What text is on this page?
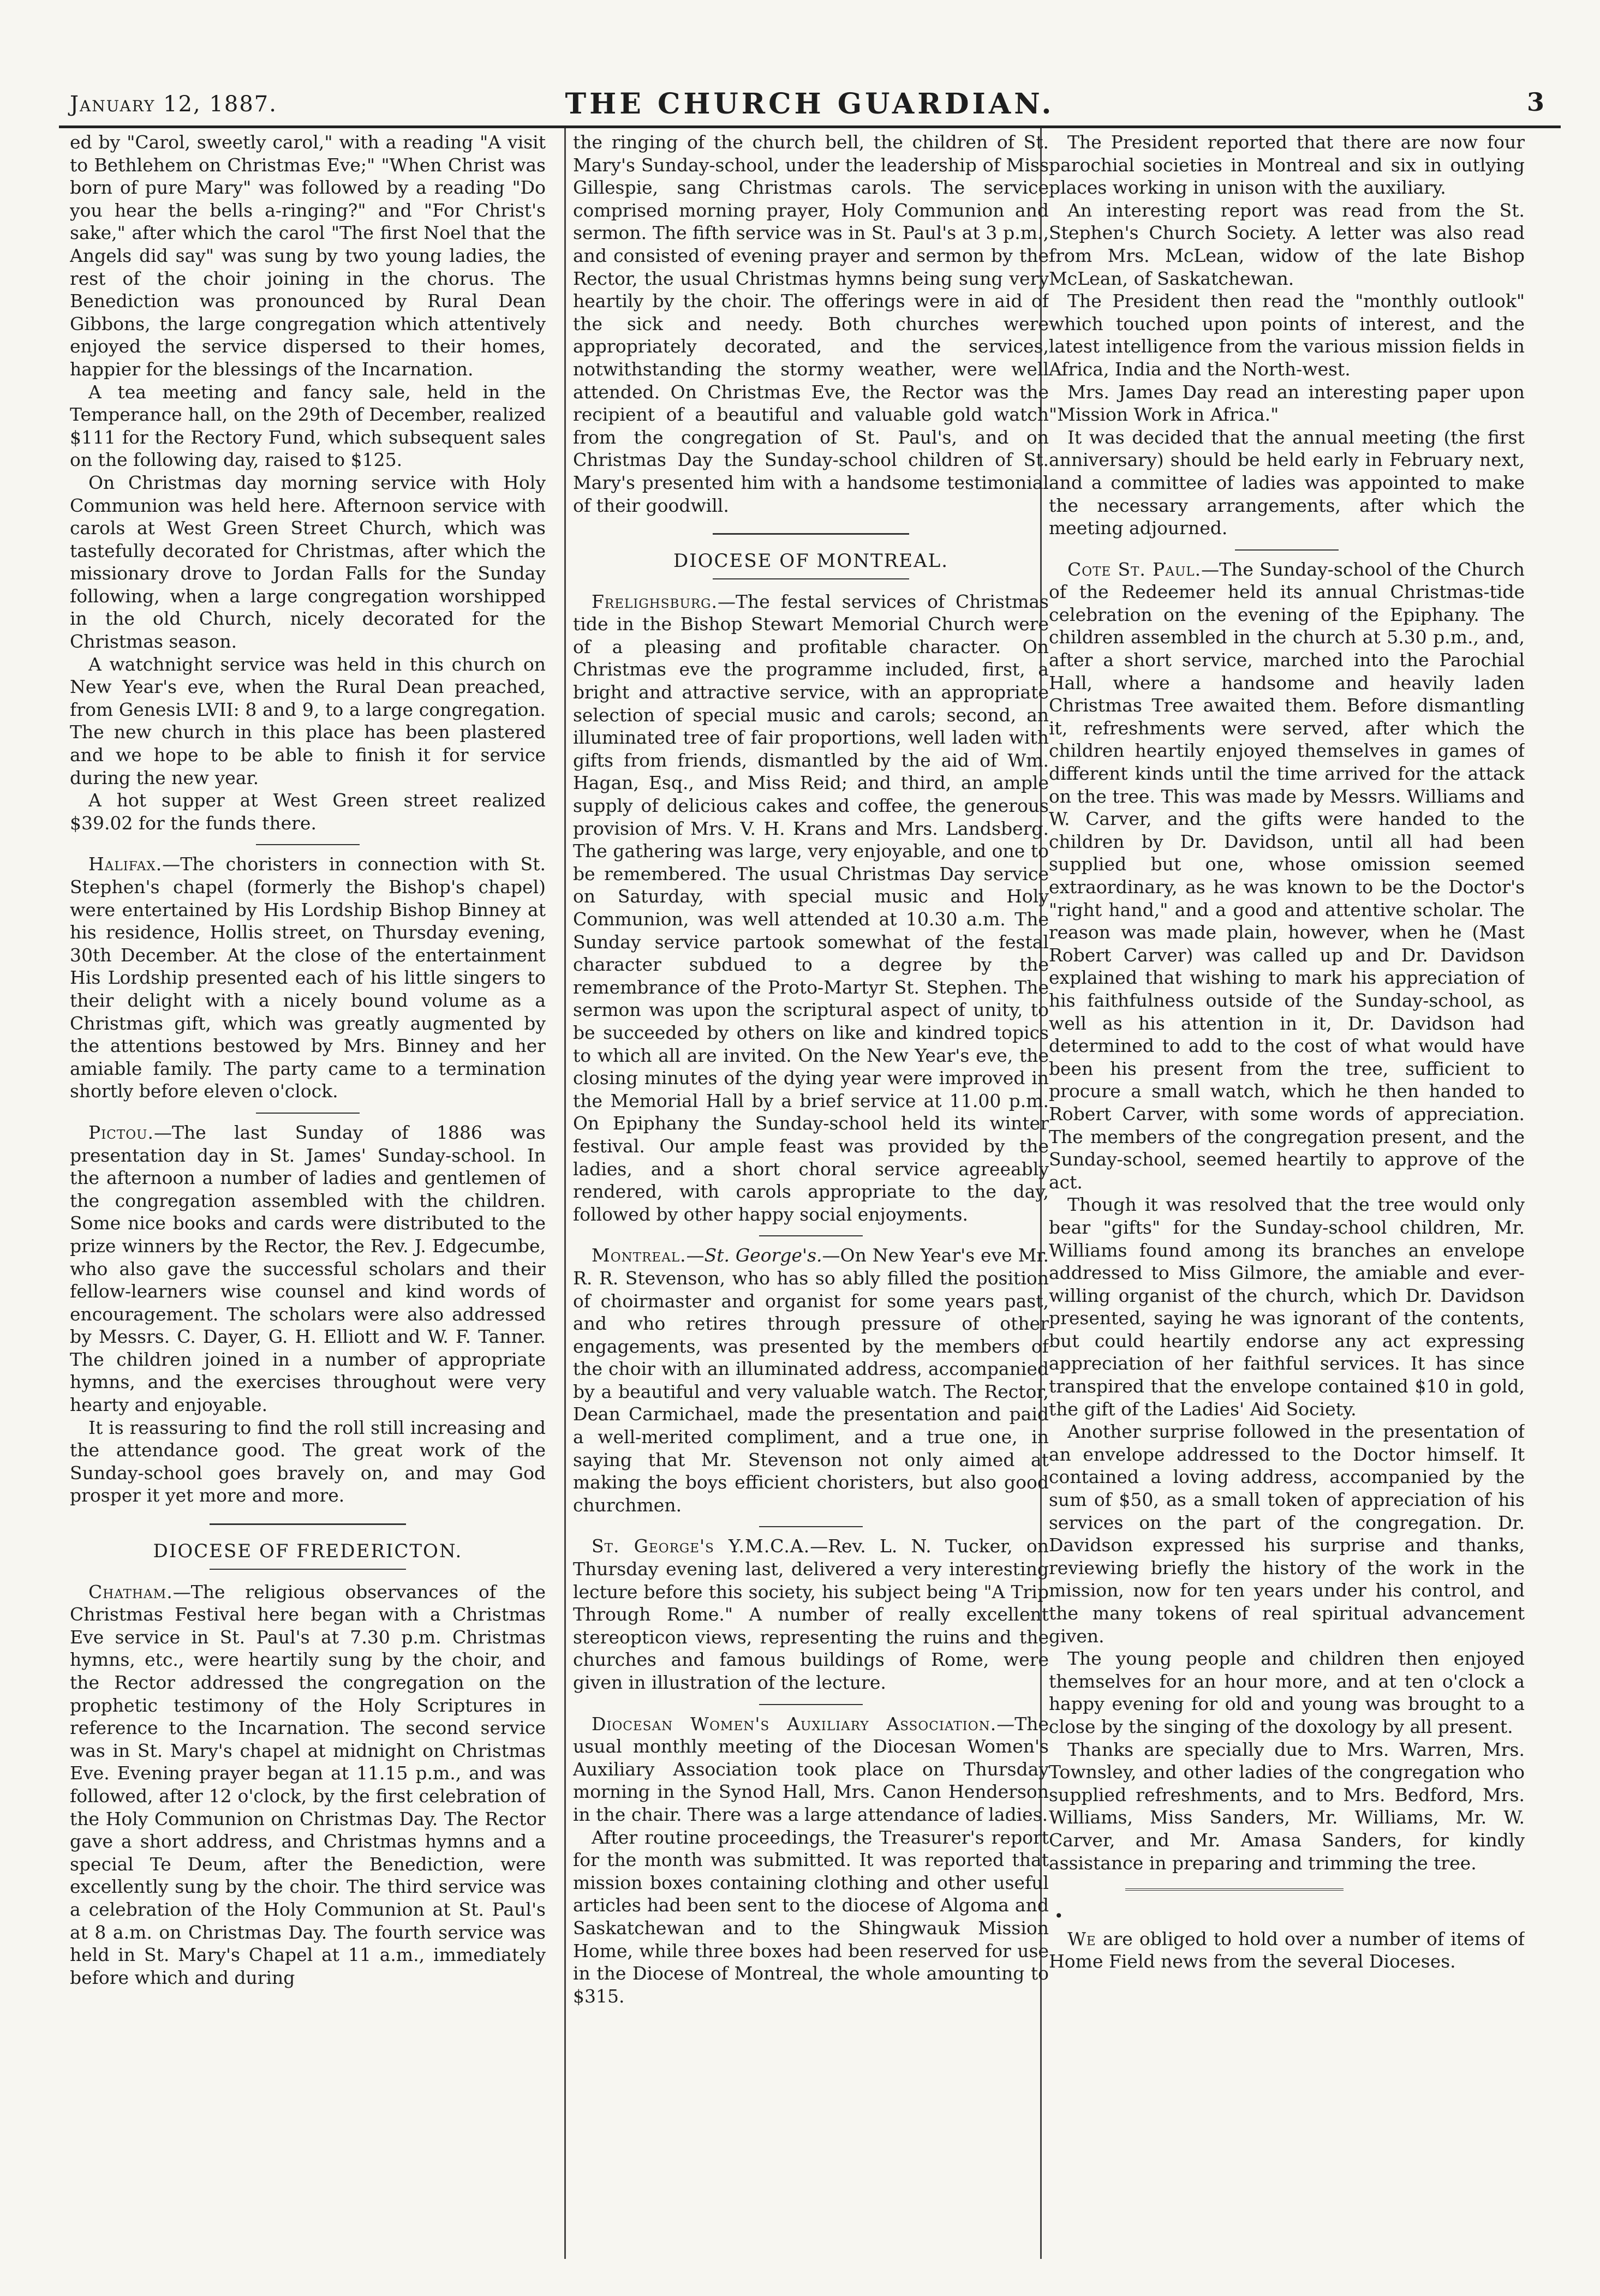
January 12, 1887.	THE CHURCH GUARDIAN.	3

ed by "Carol, sweetly carol," with a reading "A visit to Bethlehem on Christmas Eve;" "When Christ was born of pure Mary" was followed by a reading "Do you hear the bells a-ringing?" and "For Christ's sake," after which the carol "The first Noel that the Angels did say" was sung by two young ladies, the rest of the choir joining in the chorus. The Benediction was pronounced by Rural Dean Gibbons, the large congregation which attentively enjoyed the service dispersed to their homes, happier for the blessings of the Incarnation.

A tea meeting and fancy sale, held in the Temperance hall, on the 29th of December, realized $111 for the Rectory Fund, which subsequent sales on the following day, raised to $125.

On Christmas day morning service with Holy Communion was held here. Afternoon service with carols at West Green Street Church, which was tastefully decorated for Christmas, after which the missionary drove to Jordan Falls for the Sunday following, when a large congregation worshipped in the old Church, nicely decorated for the Christmas season.

A watchnight service was held in this church on New Year's eve, when the Rural Dean preached, from Genesis LVII: 8 and 9, to a large congregation. The new church in this place has been plastered and we hope to be able to finish it for service during the new year.

A hot supper at West Green street realized $39.02 for the funds there.

Halifax.—The choristers in connection with St. Stephen's chapel (formerly the Bishop's chapel) were entertained by His Lordship Bishop Binney at his residence, Hollis street, on Thursday evening, 30th December. At the close of the entertainment His Lordship presented each of his little singers to their delight with a nicely bound volume as a Christmas gift, which was greatly augmented by the attentions bestowed by Mrs. Binney and her amiable family. The party came to a termination shortly before eleven o'clock.

Pictou.—The last Sunday of 1886 was presentation day in St. James' Sunday-school. In the afternoon a number of ladies and gentlemen of the congregation assembled with the children. Some nice books and cards were distributed to the prize winners by the Rector, the Rev. J. Edgecumbe, who also gave the successful scholars and their fellow-learners wise counsel and kind words of encouragement. The scholars were also addressed by Messrs. C. Dayer, G. H. Elliott and W. F. Tanner. The children joined in a number of appropriate hymns, and the exercises throughout were very hearty and enjoyable.

It is reassuring to find the roll still increasing and the attendance good. The great work of the Sunday-school goes bravely on, and may God prosper it yet more and more.

DIOCESE OF FREDERICTON.

Chatham.—The religious observances of the Christmas Festival here began with a Christmas Eve service in St. Paul's at 7.30 p.m. Christmas hymns, etc., were heartily sung by the choir, and the Rector addressed the congregation on the prophetic testimony of the Holy Scriptures in reference to the Incarnation. The second service was in St. Mary's chapel at midnight on Christmas Eve. Evening prayer began at 11.15 p.m., and was followed, after 12 o'clock, by the first celebration of the Holy Communion on Christmas Day. The Rector gave a short address, and Christmas hymns and a special Te Deum, after the Benediction, were excellently sung by the choir. The third service was a celebration of the Holy Communion at St. Paul's at 8 a.m. on Christmas Day. The fourth service was held in St. Mary's Chapel at 11 a.m., immediately before which and during

the ringing of the church bell, the children of St. Mary's Sunday-school, under the leadership of Miss Gillespie, sang Christmas carols. The service comprised morning prayer, Holy Communion and sermon. The fifth service was in St. Paul's at 3 p.m., and consisted of evening prayer and sermon by the Rector, the usual Christmas hymns being sung very heartily by the choir. The offerings were in aid of the sick and needy. Both churches were appropriately decorated, and the services, notwithstanding the stormy weather, were well attended. On Christmas Eve, the Rector was the recipient of a beautiful and valuable gold watch from the congregation of St. Paul's, and on Christmas Day the Sunday-school children of St. Mary's presented him with a handsome testimonial of their goodwill.

DIOCESE OF MONTREAL.

Frelighsburg.—The festal services of Christmas tide in the Bishop Stewart Memorial Church were of a pleasing and profitable character. On Christmas eve the programme included, first, a bright and attractive service, with an appropriate selection of special music and carols; second, an illuminated tree of fair proportions, well laden with gifts from friends, dismantled by the aid of Wm. Hagan, Esq., and Miss Reid; and third, an ample supply of delicious cakes and coffee, the generous provision of Mrs. V. H. Krans and Mrs. Landsberg. The gathering was large, very enjoyable, and one to be remembered. The usual Christmas Day service on Saturday, with special music and Holy Communion, was well attended at 10.30 a.m. The Sunday service partook somewhat of the festal character subdued to a degree by the remembrance of the Proto-Martyr St. Stephen. The sermon was upon the scriptural aspect of unity, to be succeeded by others on like and kindred topics to which all are invited. On the New Year's eve, the closing minutes of the dying year were improved in the Memorial Hall by a brief service at 11.00 p.m. On Epiphany the Sunday-school held its winter festival. Our ample feast was provided by the ladies, and a short choral service agreeably rendered, with carols appropriate to the day, followed by other happy social enjoyments.

Montreal.—St. George's.—On New Year's eve Mr. R. R. Stevenson, who has so ably filled the position of choirmaster and organist for some years past, and who retires through pressure of other engagements, was presented by the members of the choir with an illuminated address, accompanied by a beautiful and very valuable watch. The Rector, Dean Carmichael, made the presentation and paid a well-merited compliment, and a true one, in saying that Mr. Stevenson not only aimed at making the boys efficient choristers, but also good churchmen.

St. George's Y.M.C.A.—Rev. L. N. Tucker, on Thursday evening last, delivered a very interesting lecture before this society, his subject being "A Trip Through Rome." A number of really excellent stereopticon views, representing the ruins and the churches and famous buildings of Rome, were given in illustration of the lecture.

Diocesan Women's Auxiliary Association.—The usual monthly meeting of the Diocesan Women's Auxiliary Association took place on Thursday morning in the Synod Hall, Mrs. Canon Henderson in the chair. There was a large attendance of ladies.

After routine proceedings, the Treasurer's report for the month was submitted. It was reported that mission boxes containing clothing and other useful articles had been sent to the diocese of Algoma and Saskatchewan and to the Shingwauk Mission Home, while three boxes had been reserved for use in the Diocese of Montreal, the whole amounting to $315.

The President reported that there are now four parochial societies in Montreal and six in outlying places working in unison with the auxiliary.

An interesting report was read from the St. Stephen's Church Society. A letter was also read from Mrs. McLean, widow of the late Bishop McLean, of Saskatchewan.

The President then read the "monthly outlook" which touched upon points of interest, and the latest intelligence from the various mission fields in Africa, India and the North-west.

Mrs. James Day read an interesting paper upon "Mission Work in Africa."

It was decided that the annual meeting (the first anniversary) should be held early in February next, and a committee of ladies was appointed to make the necessary arrangements, after which the meeting adjourned.

Cote St. Paul.—The Sunday-school of the Church of the Redeemer held its annual Christmas-tide celebration on the evening of the Epiphany. The children assembled in the church at 5.30 p.m., and, after a short service, marched into the Parochial Hall, where a handsome and heavily laden Christmas Tree awaited them. Before dismantling it, refreshments were served, after which the children heartily enjoyed themselves in games of different kinds until the time arrived for the attack on the tree. This was made by Messrs. Williams and W. Carver, and the gifts were handed to the children by Dr. Davidson, until all had been supplied but one, whose omission seemed extraordinary, as he was known to be the Doctor's "right hand," and a good and attentive scholar. The reason was made plain, however, when he (Mast Robert Carver) was called up and Dr. Davidson explained that wishing to mark his appreciation of his faithfulness outside of the Sunday-school, as well as his attention in it, Dr. Davidson had determined to add to the cost of what would have been his present from the tree, sufficient to procure a small watch, which he then handed to Robert Carver, with some words of appreciation. The members of the congregation present, and the Sunday-school, seemed heartily to approve of the act.

Though it was resolved that the tree would only bear "gifts" for the Sunday-school children, Mr. Williams found among its branches an envelope addressed to Miss Gilmore, the amiable and ever-willing organist of the church, which Dr. Davidson presented, saying he was ignorant of the contents, but could heartily endorse any act expressing appreciation of her faithful services. It has since transpired that the envelope contained $10 in gold, the gift of the Ladies' Aid Society.

Another surprise followed in the presentation of an envelope addressed to the Doctor himself. It contained a loving address, accompanied by the sum of $50, as a small token of appreciation of his services on the part of the congregation. Dr. Davidson expressed his surprise and thanks, reviewing briefly the history of the work in the mission, now for ten years under his control, and the many tokens of real spiritual advancement given.

The young people and children then enjoyed themselves for an hour more, and at ten o'clock a happy evening for old and young was brought to a close by the singing of the doxology by all present.

Thanks are specially due to Mrs. Warren, Mrs. Townsley, and other ladies of the congregation who supplied refreshments, and to Mrs. Bedford, Mrs. Williams, Miss Sanders, Mr. Williams, Mr. W. Carver, and Mr. Amasa Sanders, for kindly assistance in preparing and trimming the tree.

•

We are obliged to hold over a number of items of Home Field news from the several Dioceses.
